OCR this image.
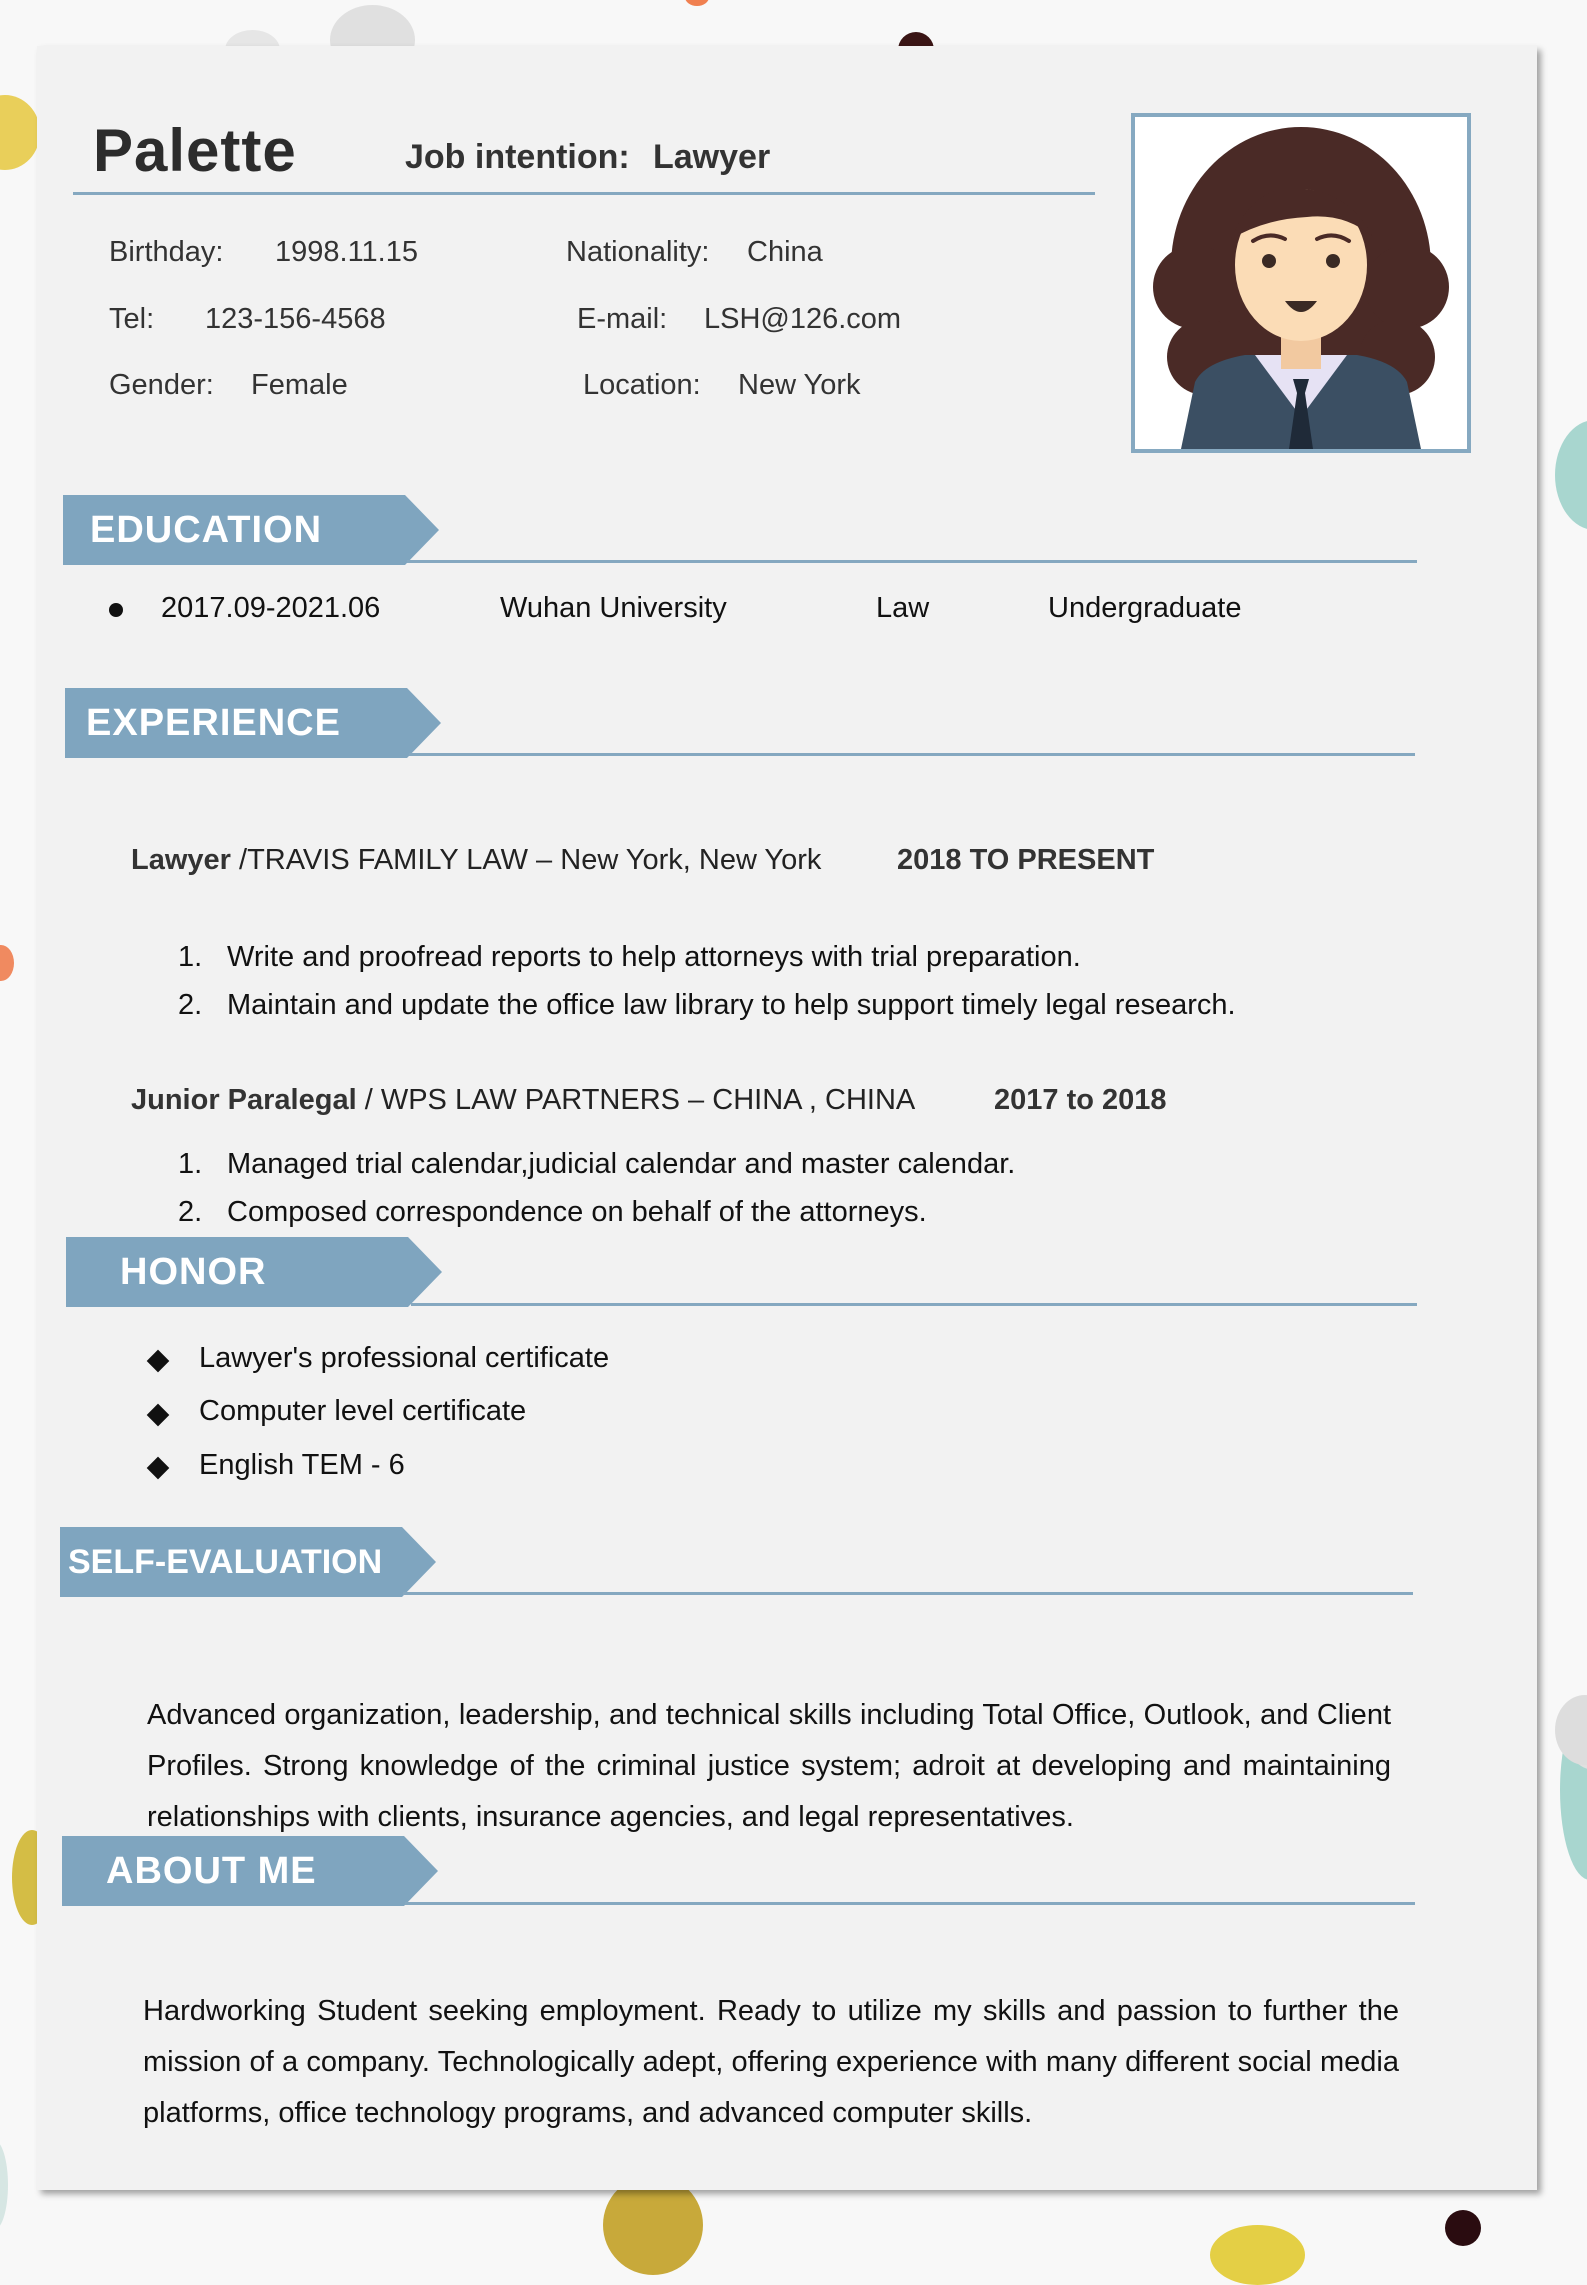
Palette	Job intention: Lawyer
Birthday: 1998.11.15	Nationality: China
Tel: 123-156-4568	E-mail: LSH@126.com
Gender: Female	Location: New York
EDUCATION
2017.09-2021.06	Wuhan University	Law	Undergraduate
EXPERIENCE
Lawyer /TRAVIS FAMILY LAW – New York, New York	2018 TO PRESENT
1. Write and proofread reports to help attorneys with trial preparation.
2. Maintain and update the office law library to help support timely legal research.
Junior Paralegal / WPS LAW PARTNERS – CHINA , CHINA	2017 to 2018
1. Managed trial calendar,judicial calendar and master calendar.
2. Composed correspondence on behalf of the attorneys.
HONOR
Lawyer's professional certificate
Computer level certificate
English TEM - 6
SELF-EVALUATION
Advanced organization, leadership, and technical skills including Total Office, Outlook, and Client Profiles. Strong knowledge of the criminal justice system; adroit at developing and maintaining relationships with clients, insurance agencies, and legal representatives.
ABOUT ME
Hardworking Student seeking employment. Ready to utilize my skills and passion to further the mission of a company. Technologically adept, offering experience with many different social media platforms, office technology programs, and advanced computer skills.
